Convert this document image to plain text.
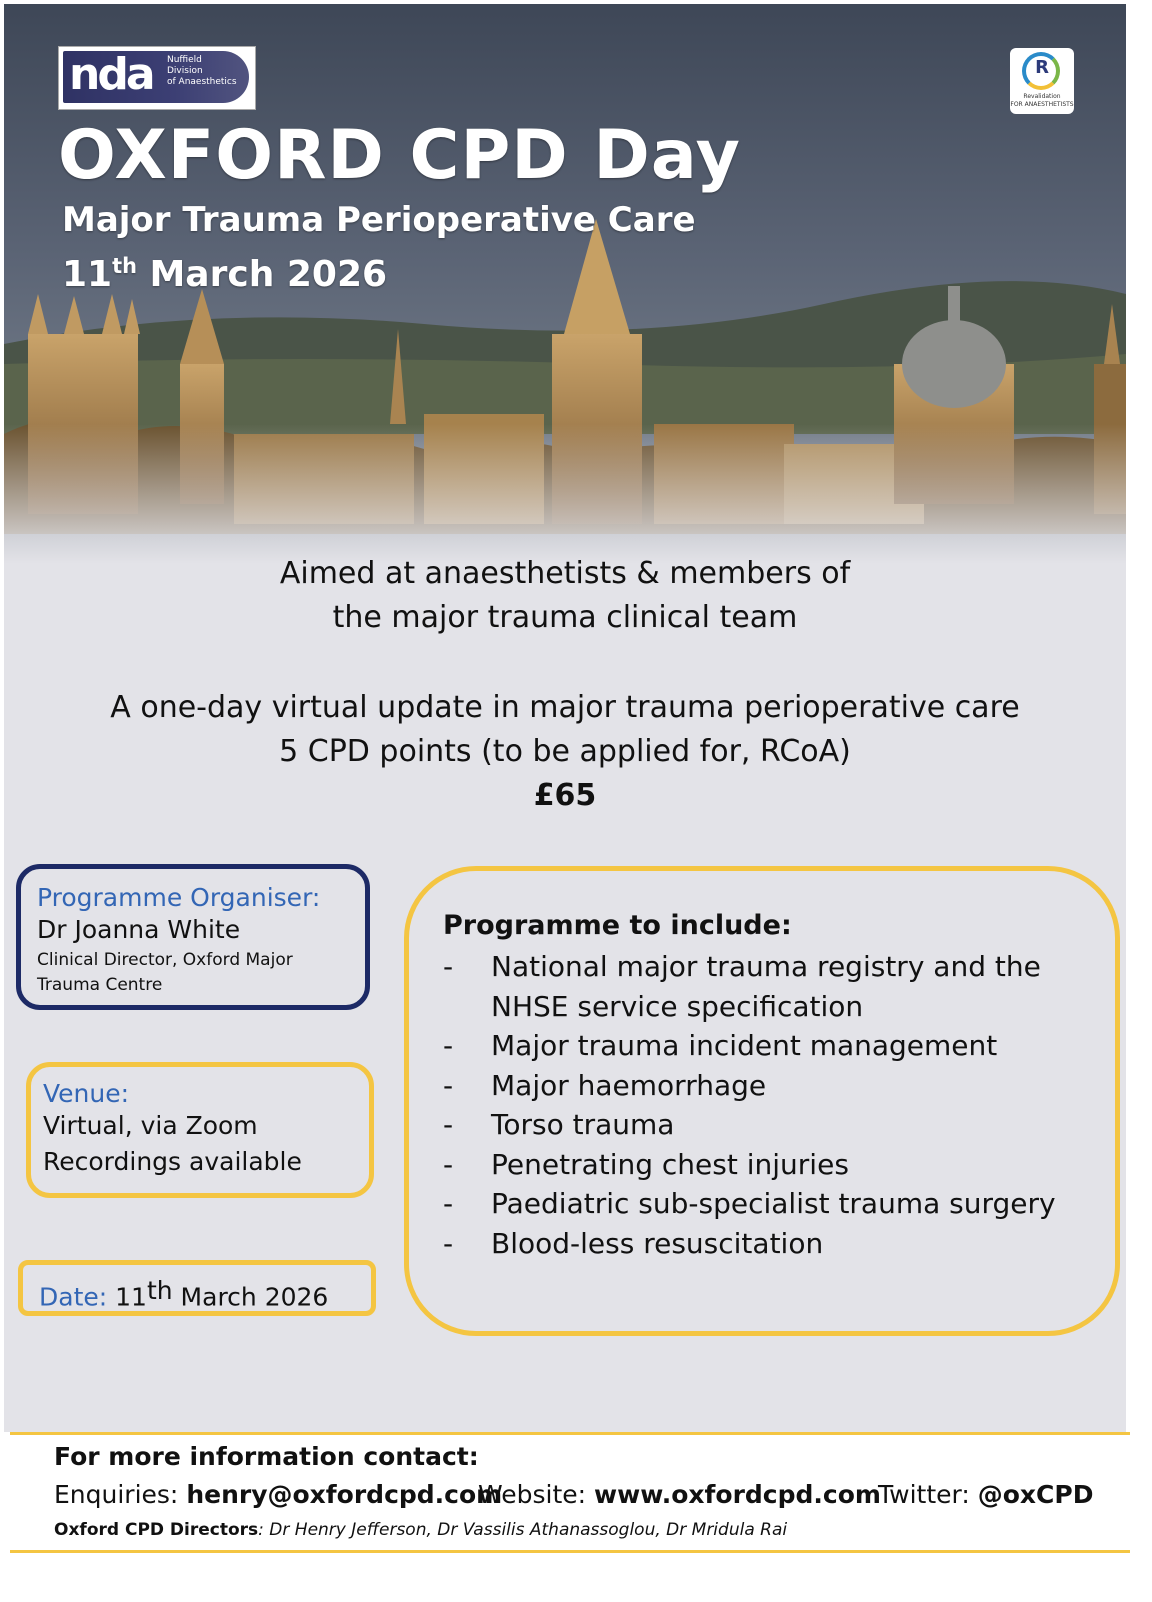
nda Nuffield
Division
of Anaesthetics
R
Revalidation
FOR ANAESTHETISTS
OXFORD CPD Day
Major Trauma Perioperative Care
11th March 2026
Aimed at anaesthetists & members of
the major trauma clinical team
A one-day virtual update in major trauma perioperative care
5 CPD points (to be applied for, RCoA)
£65
Programme Organiser:
Dr Joanna White
Clinical Director, Oxford Major
Trauma Centre
Venue:
Virtual, via Zoom
Recordings available
Date: 11th March 2026
Programme to include:
- National major trauma registry and the
NHSE service specification
- Major trauma incident management
- Major haemorrhage
- Torso trauma
- Penetrating chest injuries
- Paediatric sub-specialist trauma surgery
- Blood-less resuscitation
For more information contact:
Enquiries: henry@oxfordcpd.com
Website: www.oxfordcpd.com
Twitter: @oxCPD
Oxford CPD Directors: Dr Henry Jefferson, Dr Vassilis Athanassoglou, Dr Mridula Rai
